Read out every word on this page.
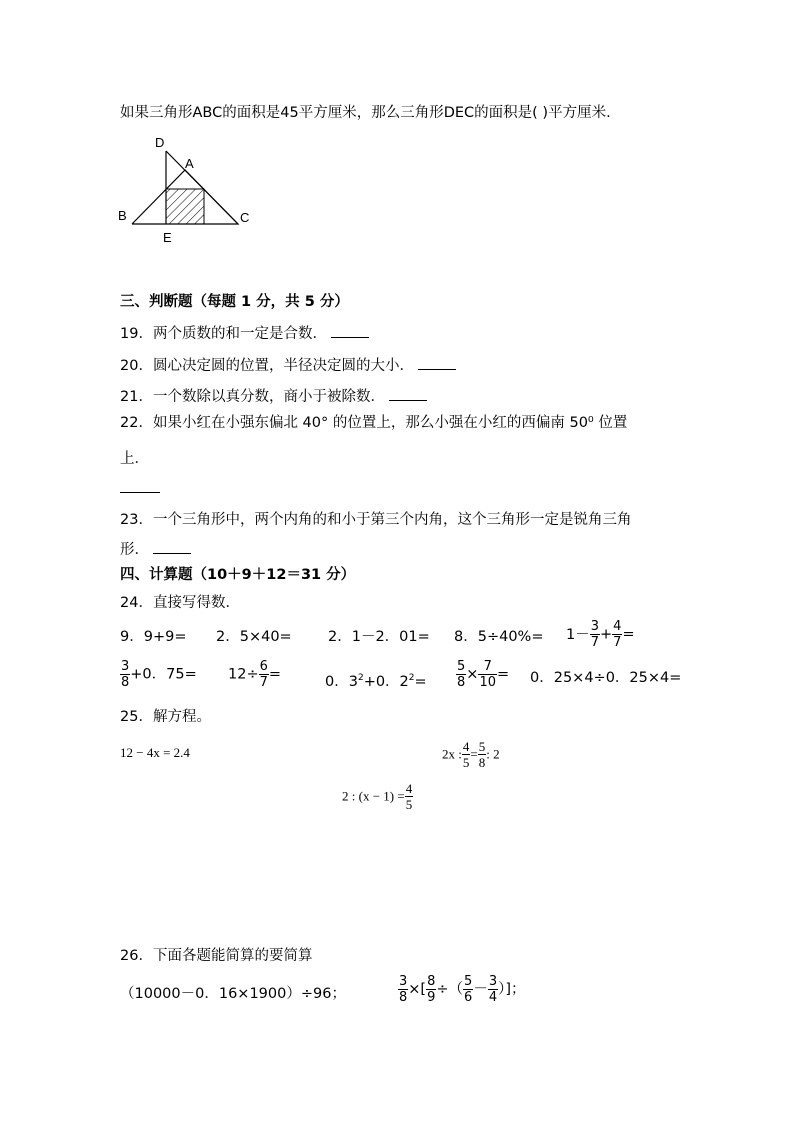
如果三角形ABC的面积是45平方厘米，那么三角形DEC的面积是( )平方厘米.
D
A
B	C
E
三、判断题（每题 1 分，共 5 分）
19．两个质数的和一定是合数．
20．圆心决定圆的位置，半径决定圆的大小．
21．一个数除以真分数，商小于被除数．
22．如果小红在小强东偏北 40° 的位置上，那么小强在小红的西偏南 50⁰ 位置
上．
23．一个三角形中，两个内角的和小于第三个内角，这个三角形一定是锐角三角
形．
四、计算题（10＋9＋12＝31 分）
24．直接写得数．
9．9+9= 2．5×40=	2．1－2．01= 8．$5\div 40\%= 1- \frac{3}{7} + \frac{4}{7}$ =
$\frac{3}{8} +0$．$75= 12\div \frac{6}{7}$ =	0．$3^2+0$．$2^2= \frac{5}{8} \times \frac{7}{10} = 0$．25×4÷0．25×4=
25．解方程。
12 − 4x = 2.4	2x : $\frac{4}{5} = \frac{5}{8}$ : 2
2 : $(x - 1) = \frac{4}{5}$
26．下面各题能简算的要简算
（10000－0．16×1900）÷96；	$\frac{3}{8}$ ×[ $\frac{8}{9}$ ÷（ $\frac{5}{6} - \frac{3}{4}$ ）]；
